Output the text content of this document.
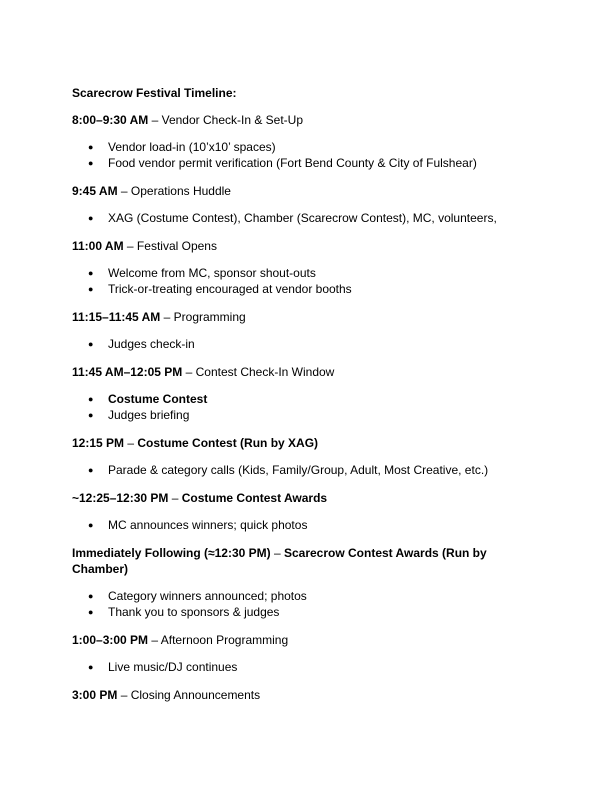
Scarecrow Festival Timeline:
8:00–9:30 AM – Vendor Check-In & Set-Up
● Vendor load-in (10’x10’ spaces)
● Food vendor permit verification (Fort Bend County & City of Fulshear)
9:45 AM – Operations Huddle
● XAG (Costume Contest), Chamber (Scarecrow Contest), MC, volunteers,
11:00 AM – Festival Opens
● Welcome from MC, sponsor shout-outs
● Trick-or-treating encouraged at vendor booths
11:15–11:45 AM – Programming
● Judges check-in
11:45 AM–12:05 PM – Contest Check-In Window
● Costume Contest
● Judges briefing
12:15 PM – Costume Contest (Run by XAG)
● Parade & category calls (Kids, Family/Group, Adult, Most Creative, etc.)
~12:25–12:30 PM – Costume Contest Awards
● MC announces winners; quick photos
Immediately Following (≈12:30 PM) – Scarecrow Contest Awards (Run by Chamber)
● Category winners announced; photos
● Thank you to sponsors & judges
1:00–3:00 PM – Afternoon Programming
● Live music/DJ continues
3:00 PM – Closing Announcements
